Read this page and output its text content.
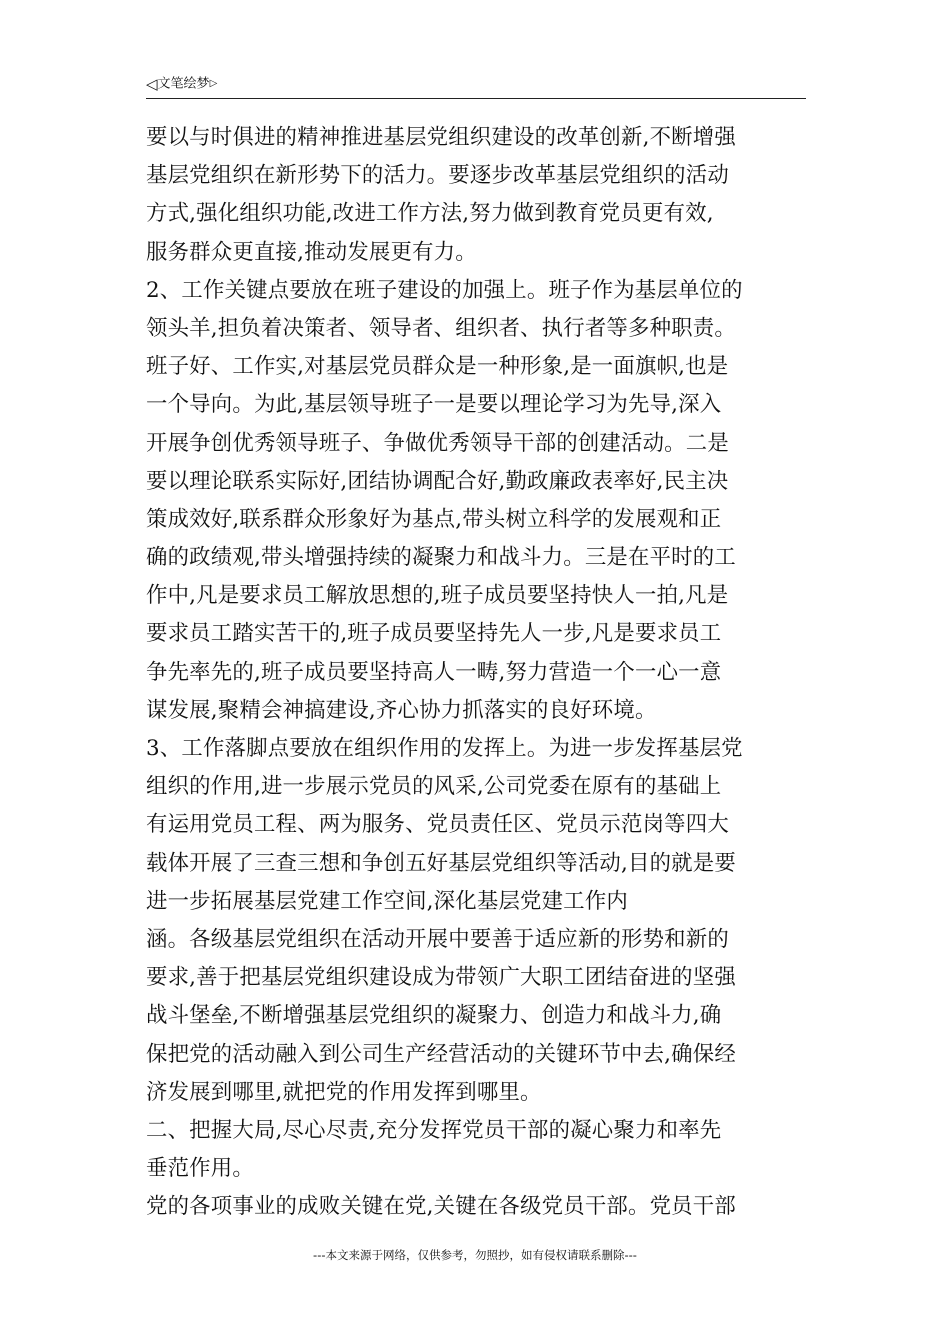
◁文笔绘梦▷
要以与时俱进的精神推进基层党组织建设的改革创新,不断增强
基层党组织在新形势下的活力。要逐步改革基层党组织的活动
方式,强化组织功能,改进工作方法,努力做到教育党员更有效,
服务群众更直接,推动发展更有力。
2、工作关键点要放在班子建设的加强上。班子作为基层单位的
领头羊,担负着决策者、领导者、组织者、执行者等多种职责。
班子好、工作实,对基层党员群众是一种形象,是一面旗帜,也是
一个导向。为此,基层领导班子一是要以理论学习为先导,深入
开展争创优秀领导班子、争做优秀领导干部的创建活动。二是
要以理论联系实际好,团结协调配合好,勤政廉政表率好,民主决
策成效好,联系群众形象好为基点,带头树立科学的发展观和正
确的政绩观,带头增强持续的凝聚力和战斗力。三是在平时的工
作中,凡是要求员工解放思想的,班子成员要坚持快人一拍,凡是
要求员工踏实苦干的,班子成员要坚持先人一步,凡是要求员工
争先率先的,班子成员要坚持高人一畴,努力营造一个一心一意
谋发展,聚精会神搞建设,齐心协力抓落实的良好环境。
3、工作落脚点要放在组织作用的发挥上。为进一步发挥基层党
组织的作用,进一步展示党员的风采,公司党委在原有的基础上
有运用党员工程、两为服务、党员责任区、党员示范岗等四大
载体开展了三查三想和争创五好基层党组织等活动,目的就是要
进一步拓展基层党建工作空间,深化基层党建工作内
涵。各级基层党组织在活动开展中要善于适应新的形势和新的
要求,善于把基层党组织建设成为带领广大职工团结奋进的坚强
战斗堡垒,不断增强基层党组织的凝聚力、创造力和战斗力,确
保把党的活动融入到公司生产经营活动的关键环节中去,确保经
济发展到哪里,就把党的作用发挥到哪里。
二、把握大局,尽心尽责,充分发挥党员干部的凝心聚力和率先
垂范作用。
党的各项事业的成败关键在党,关键在各级党员干部。党员干部
---本文来源于网络，仅供参考，勿照抄，如有侵权请联系删除---
